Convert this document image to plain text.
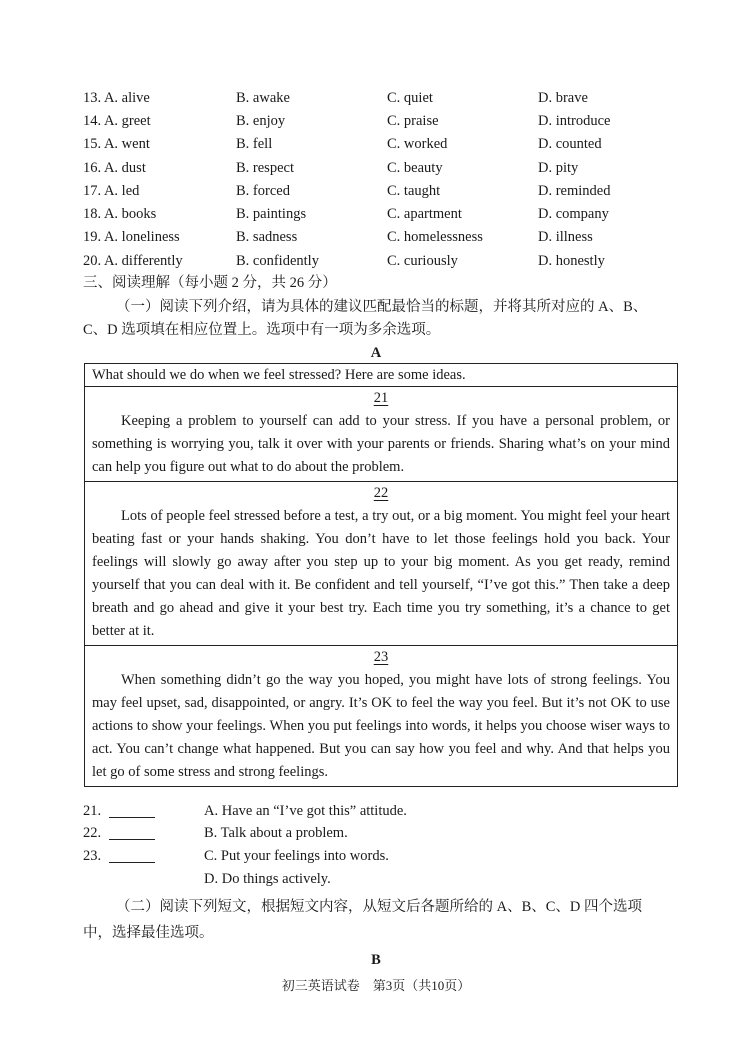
13. A. alive	B. awake	C. quiet	D. brave
14. A. greet	B. enjoy	C. praise	D. introduce
15. A. went	B. fell	C. worked	D. counted
16. A. dust	B. respect	C. beauty	D. pity
17. A. led	B. forced	C. taught	D. reminded
18. A. books	B. paintings	C. apartment	D. company
19. A. loneliness	B. sadness	C. homelessness	D. illness
20. A. differently	B. confidently	C. curiously	D. honestly
三、阅读理解（每小题 2 分，共 26 分）
（一）阅读下列介绍，请为具体的建议匹配最恰当的标题，并将其所对应的 A、B、
C、D 选项填在相应位置上。选项中有一项为多余选项。
A
What should we do when we feel stressed? Here are some ideas.
21

Keeping a problem to yourself can add to your stress. If you have a personal problem, or something is worrying you, talk it over with your parents or friends. Sharing what’s on your mind can help you figure out what to do about the problem.

22

Lots of people feel stressed before a test, a try out, or a big moment. You might feel your heart beating fast or your hands shaking. You don’t have to let those feelings hold you back. Your feelings will slowly go away after you step up to your big moment. As you get ready, remind yourself that you can deal with it. Be confident and tell yourself, “I’ve got this.” Then take a deep breath and go ahead and give it your best try. Each time you try something, it’s a chance to get better at it.

23

When something didn’t go the way you hoped, you might have lots of strong feelings. You may feel upset, sad, disappointed, or angry. It’s OK to feel the way you feel. But it’s not OK to use actions to show your feelings. When you put feelings into words, it helps you choose wiser ways to act. You can’t change what happened. But you can say how you feel and why. And that helps you let go of some stress and strong feelings.

21.	A. Have an “I’ve got this” attitude.
22.	B. Talk about a problem.
23.	C. Put your feelings into words.
D. Do things actively.
（二）阅读下列短文，根据短文内容，从短文后各题所给的 A、B、C、D 四个选项
中，选择最佳选项。
B
初三英语试卷　第3页（共10页）
